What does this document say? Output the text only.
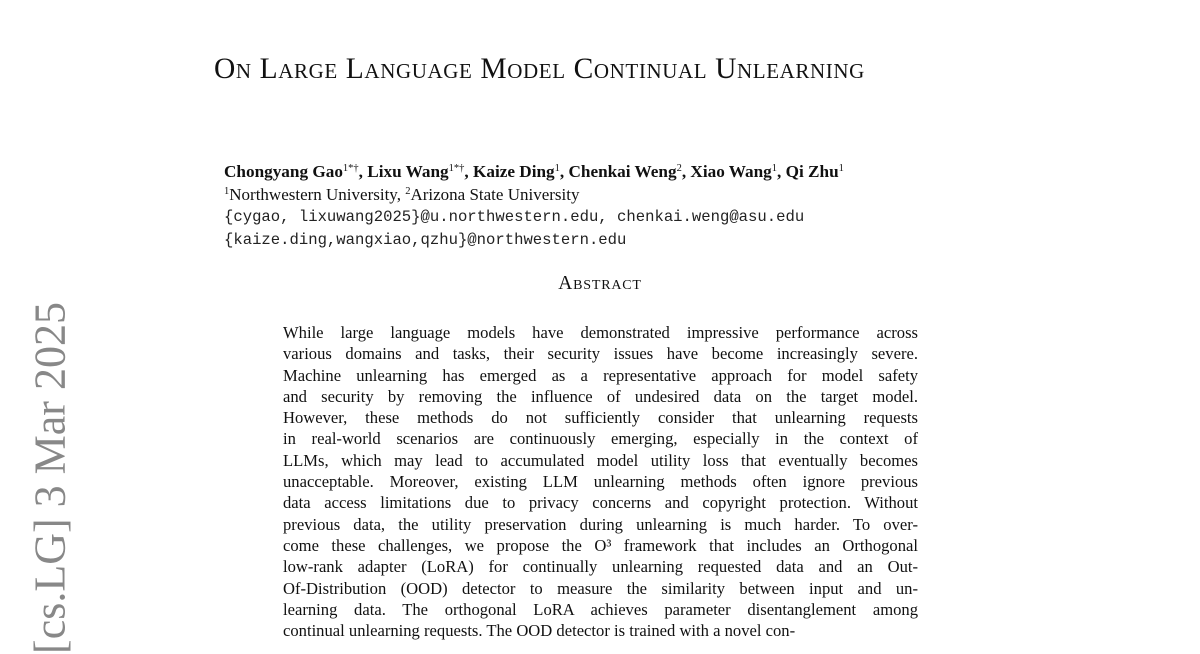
[cs.LG] 3 Mar 2025
On Large Language Model Continual Unlearning
Chongyang Gao$^{1*\dagger}$, Lixu Wang$^{1*\dagger}$, Kaize Ding$^1$, Chenkai Weng$^2$, Xiao Wang$^1$, Qi Zhu$^1$
$^1$Northwestern University, $^2$Arizona State University
{cygao, lixuwang2025}@u.northwestern.edu, chenkai.weng@asu.edu
{kaize.ding,wangxiao,qzhu}@northwestern.edu
Abstract
While large language models have demonstrated impressive performance across
various domains and tasks, their security issues have become increasingly severe.
Machine unlearning has emerged as a representative approach for model safety
and security by removing the influence of undesired data on the target model.
However, these methods do not sufficiently consider that unlearning requests
in real-world scenarios are continuously emerging, especially in the context of
LLMs, which may lead to accumulated model utility loss that eventually becomes
unacceptable. Moreover, existing LLM unlearning methods often ignore previous
data access limitations due to privacy concerns and copyright protection. Without
previous data, the utility preservation during unlearning is much harder. To over-
come these challenges, we propose the O³ framework that includes an Orthogonal
low-rank adapter (LoRA) for continually unlearning requested data and an Out-
Of-Distribution (OOD) detector to measure the similarity between input and un-
learning data. The orthogonal LoRA achieves parameter disentanglement among
continual unlearning requests. The OOD detector is trained with a novel con-
